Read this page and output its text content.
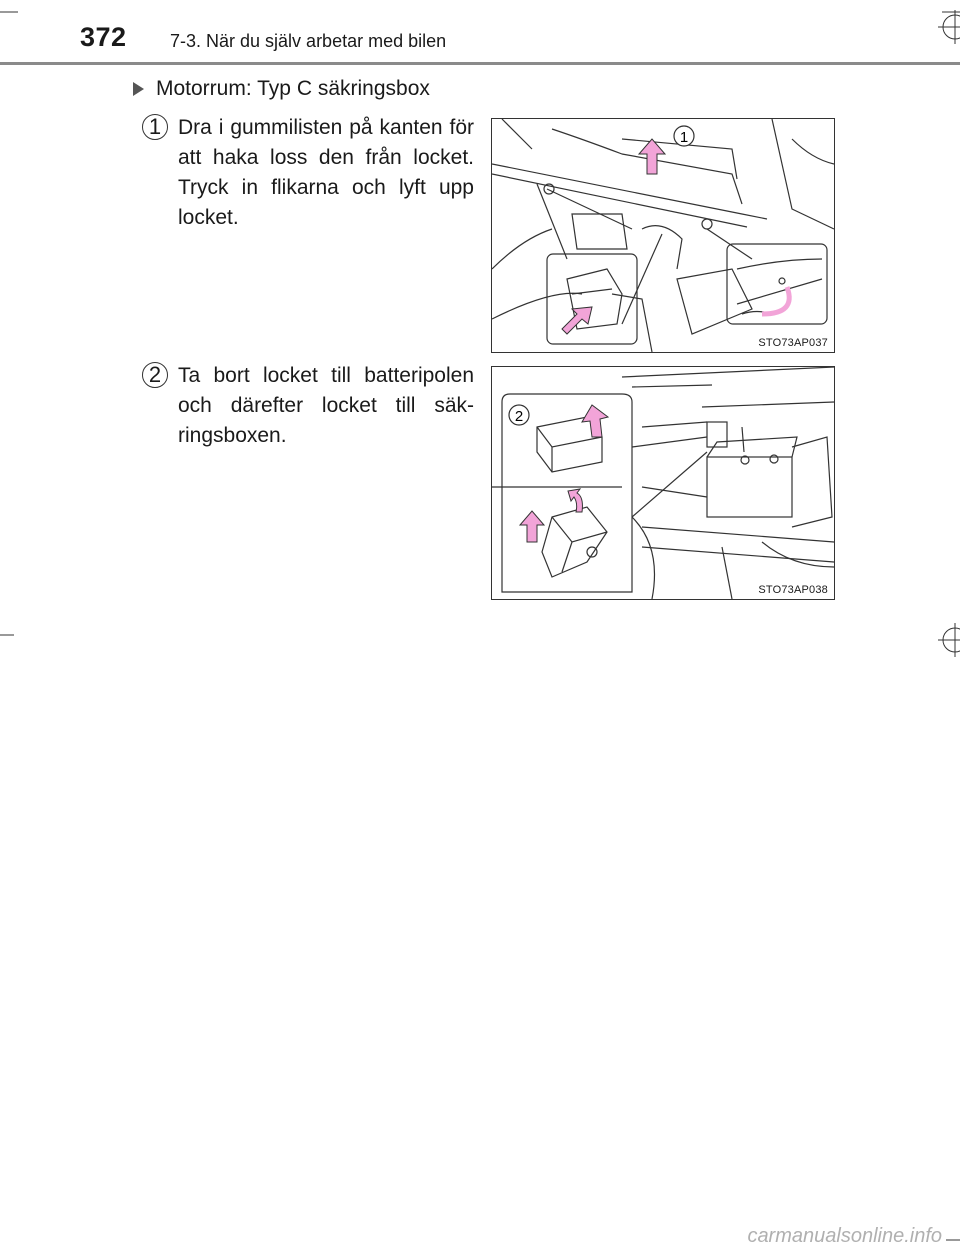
372 7-3. När du själv arbetar med bilen
Motorrum: Typ C säkringsbox
1 Dra i gummilisten på kanten för att haka loss den från locket. Tryck in flikarna och lyft upp locket.
2 Ta bort locket till batteripolen och därefter locket till säk-ringsboxen.
1
STO73AP037
2
STO73AP038
carmanualsonline.info
